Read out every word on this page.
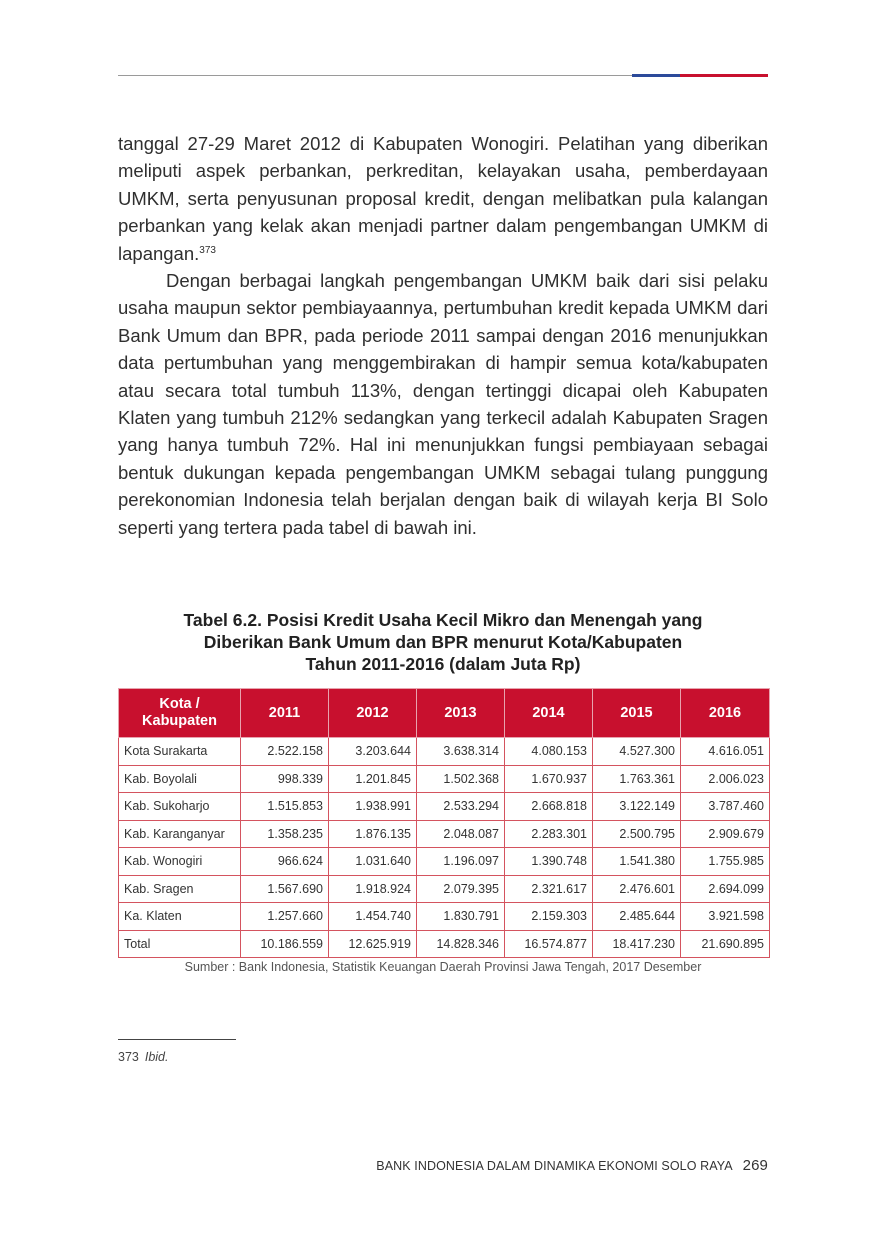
tanggal 27-29 Maret 2012 di Kabupaten Wonogiri. Pelatihan yang diberikan meliputi aspek perbankan, perkreditan, kelayakan usaha, pemberdayaan UMKM, serta penyusunan proposal kredit, dengan melibatkan pula kalangan perbankan yang kelak akan menjadi partner dalam pengembangan UMKM di lapangan.$^{373}$

Dengan berbagai langkah pengembangan UMKM baik dari sisi pelaku usaha maupun sektor pembiayaannya, pertumbuhan kredit kepada UMKM dari Bank Umum dan BPR, pada periode 2011 sampai dengan 2016 menunjukkan data pertumbuhan yang menggembirakan di hampir semua kota/kabupaten atau secara total tumbuh 113%, dengan tertinggi dicapai oleh Kabupaten Klaten yang tumbuh 212% sedangkan yang terkecil adalah Kabupaten Sragen yang hanya tumbuh 72%. Hal ini menunjukkan fungsi pembiayaan sebagai bentuk dukungan kepada pengembangan UMKM sebagai tulang punggung perekonomian Indonesia telah berjalan dengan baik di wilayah kerja BI Solo seperti yang tertera pada tabel di bawah ini.

Tabel 6.2. Posisi Kredit Usaha Kecil Mikro dan Menengah yang
Diberikan Bank Umum dan BPR menurut Kota/Kabupaten
Tahun 2011-2016 (dalam Juta Rp)
Kota / Kabupaten	2011	2012	2013	2014	2015	2016
Kota Surakarta	2.522.158	3.203.644	3.638.314	4.080.153	4.527.300	4.616.051
Kab. Boyolali	998.339	1.201.845	1.502.368	1.670.937	1.763.361	2.006.023
Kab. Sukoharjo	1.515.853	1.938.991	2.533.294	2.668.818	3.122.149	3.787.460
Kab. Karanganyar	1.358.235	1.876.135	2.048.087	2.283.301	2.500.795	2.909.679
Kab. Wonogiri	966.624	1.031.640	1.196.097	1.390.748	1.541.380	1.755.985
Kab. Sragen	1.567.690	1.918.924	2.079.395	2.321.617	2.476.601	2.694.099
Ka. Klaten	1.257.660	1.454.740	1.830.791	2.159.303	2.485.644	3.921.598
Total	10.186.559	12.625.919	14.828.346	16.574.877	18.417.230	21.690.895
Sumber : Bank Indonesia, Statistik Keuangan Daerah Provinsi Jawa Tengah, 2017 Desember
373 Ibid.
BANK INDONESIA DALAM DINAMIKA EKONOMI SOLO RAYA 269
